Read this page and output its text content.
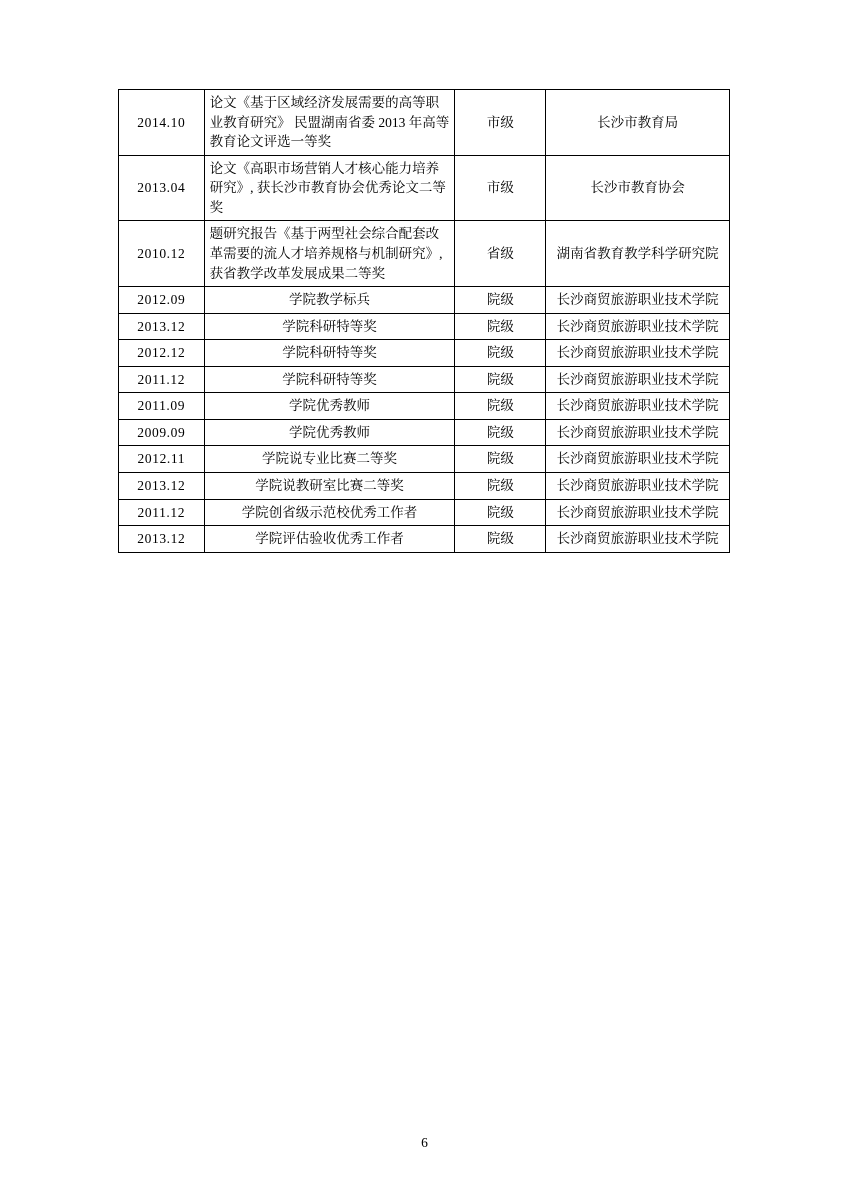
2014.10	论文《基于区域经济发展需要的高等职业教育研究》 民盟湖南省委 2013 年高等教育论文评选一等奖	市级	长沙市教育局
2013.04	论文《高职市场营销人才核心能力培养研究》, 获长沙市教育协会优秀论文二等奖	市级	长沙市教育协会
2010.12	题研究报告《基于两型社会综合配套改革需要的流人才培养规格与机制研究》, 获省教学改革发展成果二等奖	省级	湖南省教育教学科学研究院
2012.09	学院教学标兵	院级	长沙商贸旅游职业技术学院
2013.12	学院科研特等奖	院级	长沙商贸旅游职业技术学院
2012.12	学院科研特等奖	院级	长沙商贸旅游职业技术学院
2011.12	学院科研特等奖	院级	长沙商贸旅游职业技术学院
2011.09	学院优秀教师	院级	长沙商贸旅游职业技术学院
2009.09	学院优秀教师	院级	长沙商贸旅游职业技术学院
2012.11	学院说专业比赛二等奖	院级	长沙商贸旅游职业技术学院
2013.12	学院说教研室比赛二等奖	院级	长沙商贸旅游职业技术学院
2011.12	学院创省级示范校优秀工作者	院级	长沙商贸旅游职业技术学院
2013.12	学院评估验收优秀工作者	院级	长沙商贸旅游职业技术学院
6
